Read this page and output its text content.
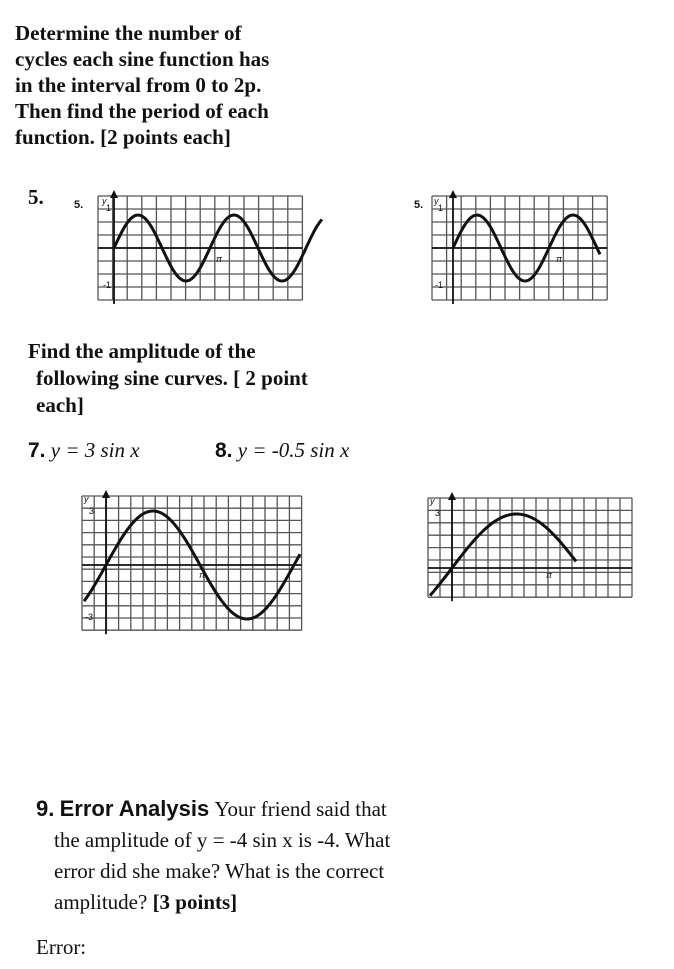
Determine the number of
cycles each sine function has
in the interval from 0 to 2p.
Then find the period of each
function. [2 points each]
5.	5. y
1
-1
π
5. y
1
-1
π
Find the amplitude of the
following sine curves. [ 2 point
each]
7. y = 3 sin x	8. y = -0.5 sin x
y
3
-3
π
y
3
π
9. Error Analysis Your friend said that
the amplitude of y = -4 sin x is -4. What
error did she make? What is the correct
amplitude? [3 points]
Error:
